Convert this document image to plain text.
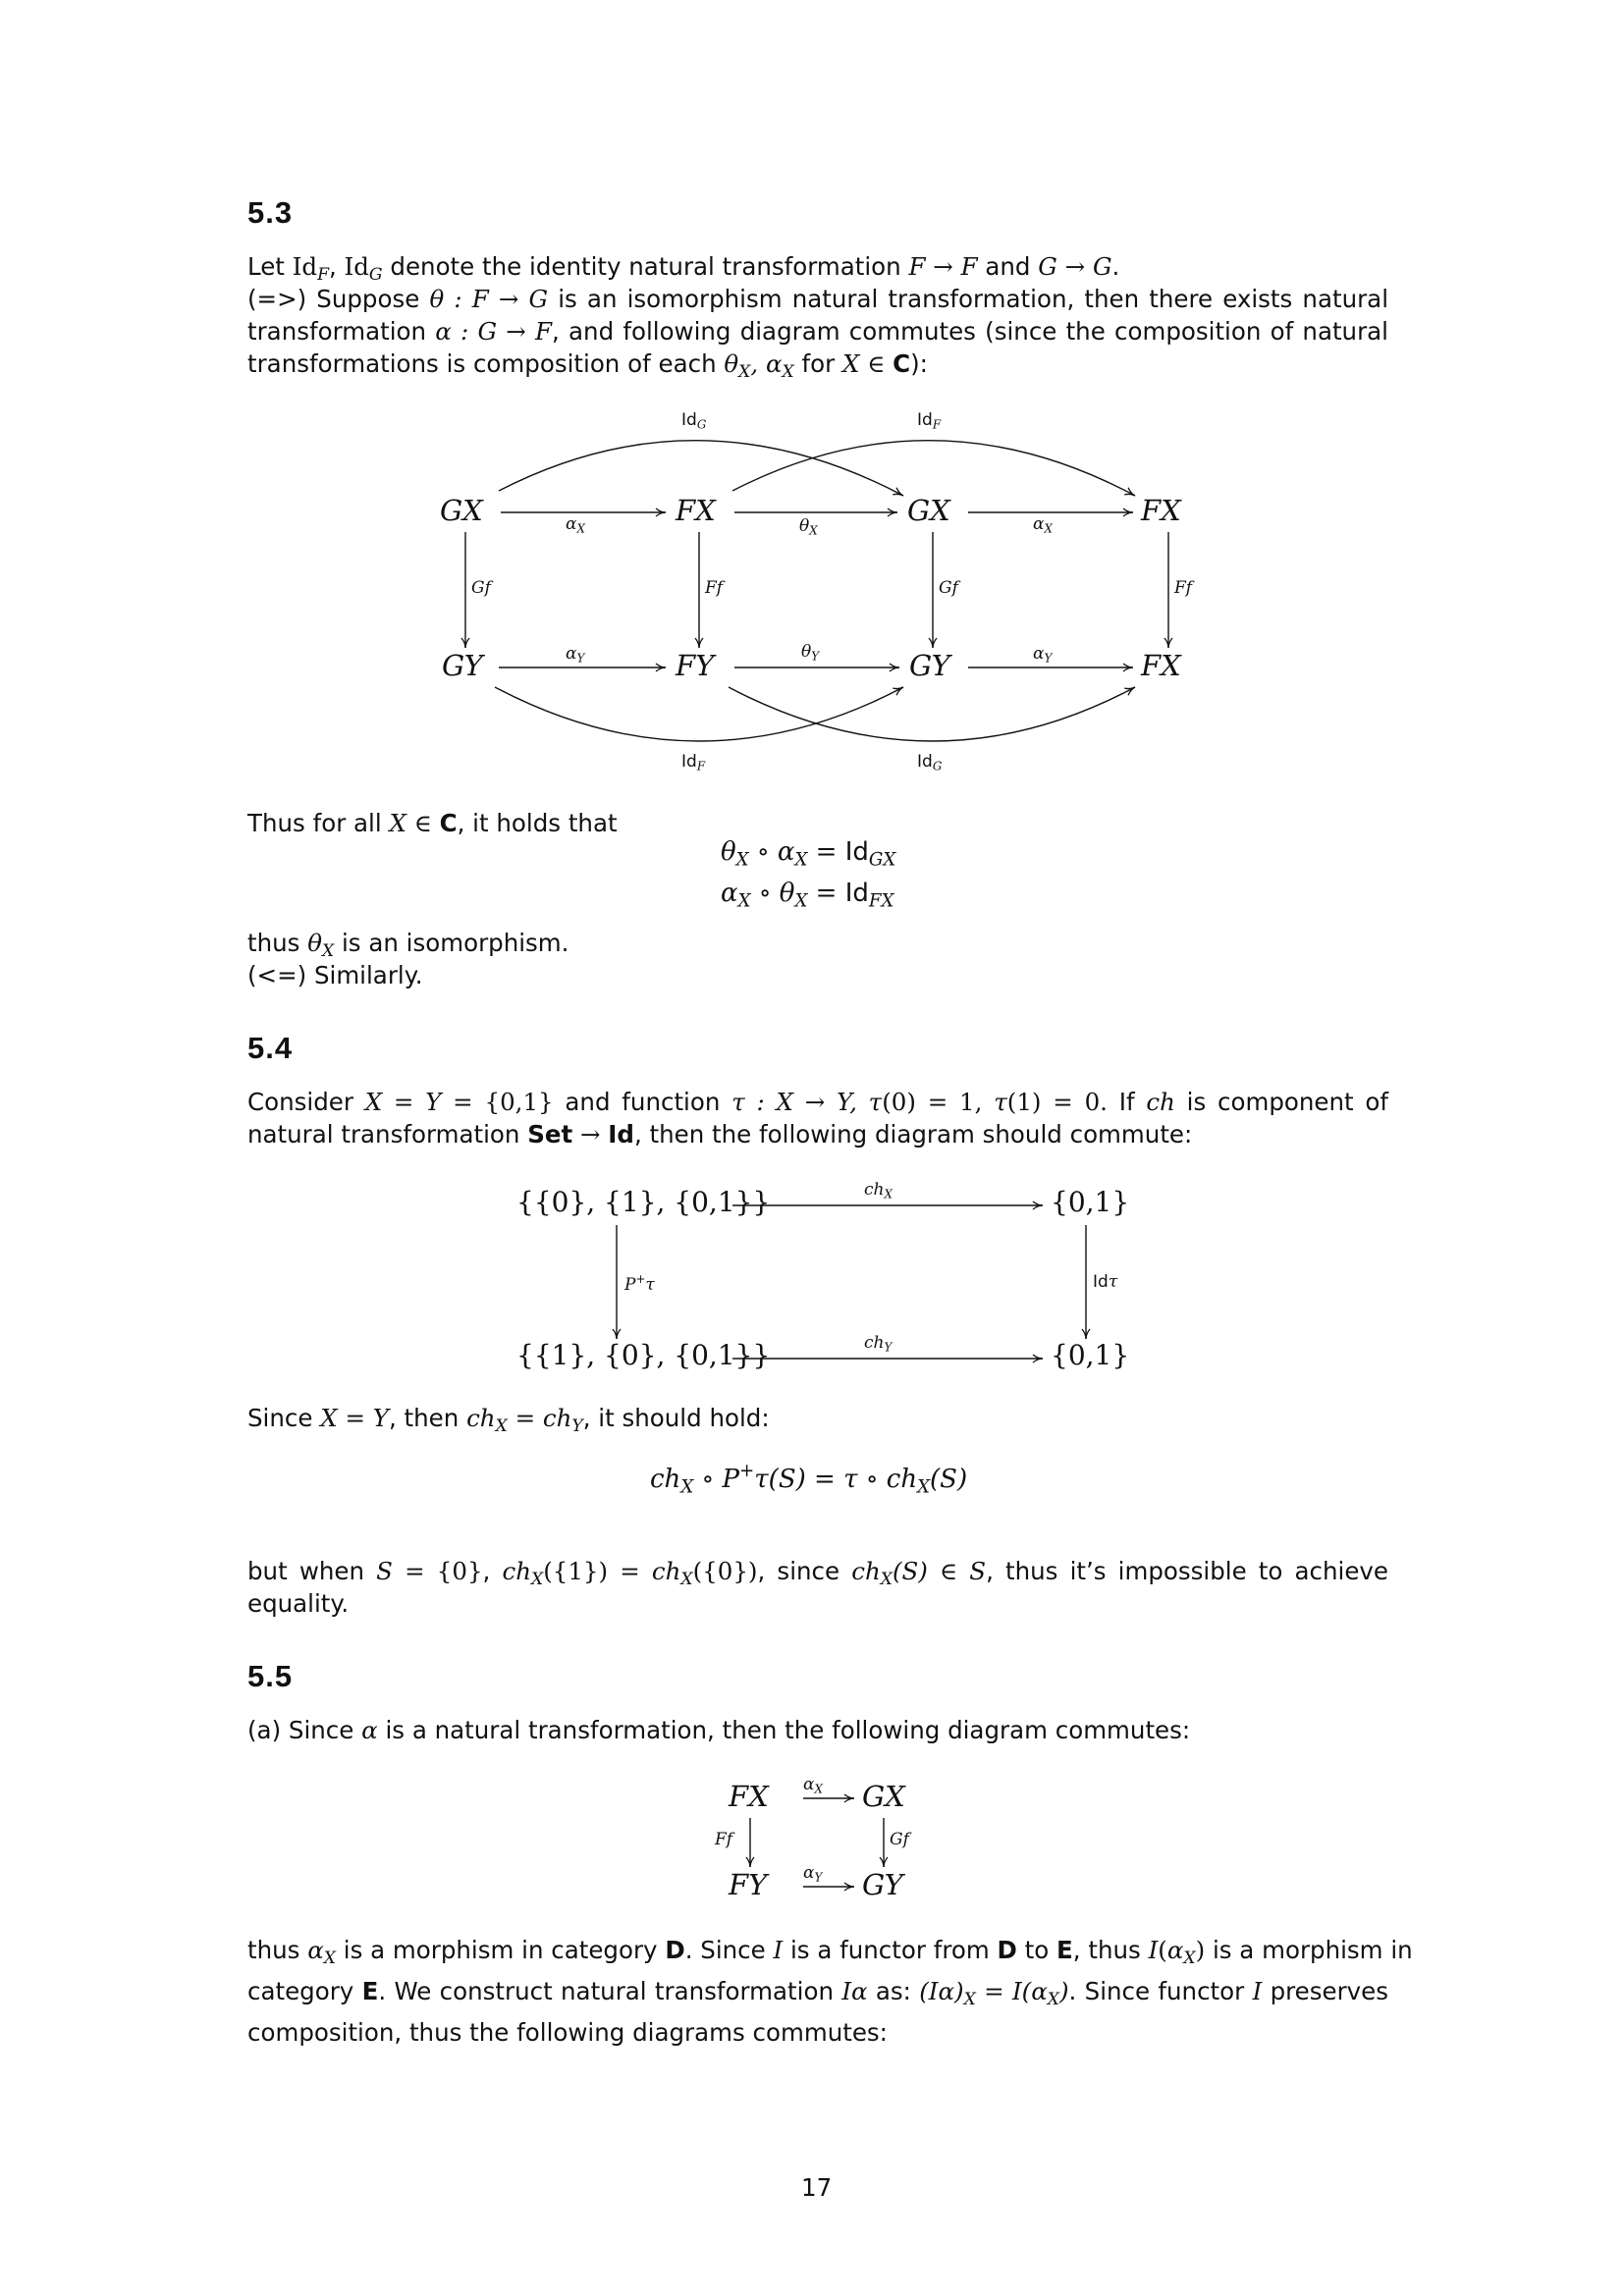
5.3
Let $Id_F$, $Id_G$ denote the identity natural transformation F → F and G → G.
(=>) Suppose θ : F → G is an isomorphism natural transformation, then there exists natural
transformation α : G → F, and following diagram commutes (since the composition of natural
transformations is composition of each $\theta_X$, $\alpha_X$ for X ∈ C):
GX	FX	GX	FX
GY	FY	GY	FX
$\alpha_X$	$\theta_X$	$\alpha_X$
$\alpha_Y$	$\theta_Y$	$\alpha_Y$
Gf	Ff	Gf	Ff
$Id_G$	$Id_F$
$Id_F$	$Id_G$
Thus for all X ∈ C, it holds that
$\theta_X$ ∘ $\alpha_X = Id_{GX}$
$\alpha_X$ ∘ $\theta_X = Id_{FX}$
thus $\theta_X$ is an isomorphism.
(<=) Similarly.
5.4
Consider X = Y = {0,1} and function τ : X → Y, τ(0) = 1, τ(1) = 0. If ch is component of
natural transformation Set → Id, then the following diagram should commute:
{{0}, {1}, {0,1}}	{0,1}
{{1}, {0}, {0,1}}	{0,1}
$ch_X$
$ch_Y$
P+τ	Idτ
Since X = Y, then $ch_X = ch_Y$, it should hold:
$ch_X$ ∘ P+τ(S) = τ ∘ $ch_X(S)$
but when S = {0}, $ch_X(\{1\}) = ch_X(\{0\})$, since $ch_X(S)$ ∈ S, thus it’s impossible to achieve
equality.
5.5
(a) Since α is a natural transformation, then the following diagram commutes:
FX	GX
FY	GY
$\alpha_X$
$\alpha_Y$
Ff	Gf
thus $\alpha_X$ is a morphism in category D. Since I is a functor from D to E, thus $I(\alpha_X)$ is a morphism in
category E. We construct natural transformation Iα as: $(I\alpha)_X = I(\alpha_X)$. Since functor I preserves
composition, thus the following diagrams commutes:
17
